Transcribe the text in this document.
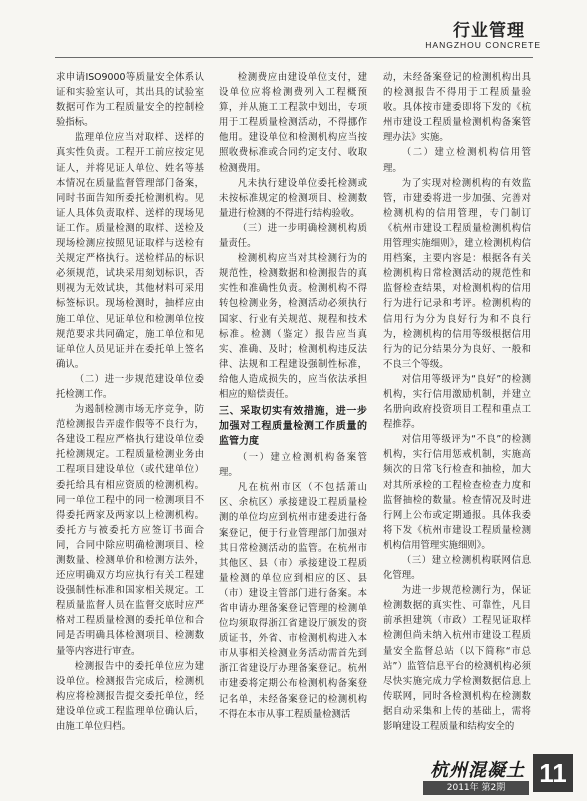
行业管理
HANGZHOU CONCRETE

求申请ISO9000等质量安全体系认证和实验室认可，其出具的试验室数据可作为工程质量安全的控制检验指标。

监理单位应当对取样、送样的真实性负责。工程开工前应按定见证人，并将见证人单位、姓名等基本情况在质量监督管理部门备案，同时书面告知所委托检测机构。见证人具体负责取样、送样的现场见证工作。质量检测的取样、送检及现场检测应按照见证取样与送检有关规定严格执行。送检样品的标识必须规范，试块采用刻划标识，否则视为无效试块，其他材料可采用标签标识。现场检测时，抽样应由施工单位、见证单位和检测单位按规范要求共同确定，施工单位和见证单位人员见证并在委托单上签名确认。

（二）进一步规范建设单位委托检测工作。

为遏制检测市场无序竞争，防范检测报告弄虚作假等不良行为，各建设工程应严格执行建设单位委托检测规定。工程质量检测业务由工程项目建设单位（或代建单位）委托给具有相应资质的检测机构。同一单位工程中的同一检测项目不得委托两家及两家以上检测机构。委托方与被委托方应签订书面合同，合同中除应明确检测项目、检测数量、检测单价和检测方法外，还应明确双方均应执行有关工程建设强制性标准和国家相关规定。工程质量监督人员在监督交底时应严格对工程质量检测的委托单位和合同是否明确具体检测项目、检测数量等内容进行审查。

检测报告中的委托单位应为建设单位。检测报告完成后，检测机构应将检测报告提交委托单位，经建设单位或工程监理单位确认后，由施工单位归档。

检测费应由建设单位支付，建设单位应将检测费列入工程概预算，并从施工工程款中划出，专项用于工程质量检测活动，不得挪作他用。建设单位和检测机构应当按照收费标准或合同约定支付、收取检测费用。

凡未执行建设单位委托检测或未按标准规定的检测项目、检测数量进行检测的不得进行结构验收。

（三）进一步明确检测机构质量责任。

检测机构应当对其检测行为的规范性，检测数据和检测报告的真实性和准确性负责。检测机构不得转包检测业务，检测活动必须执行国家、行业有关规范、规程和技术标准。检测（鉴定）报告应当真实、准确、及时；检测机构违反法律、法规和工程建设强制性标准，给他人造成损失的，应当依法承担相应的赔偿责任。

三、采取切实有效措施，进一步加强对工程质量检测工作质量的监管力度

（一）建立检测机构备案管理。

凡在杭州市区（不包括萧山区、余杭区）承接建设工程质量检测的单位均应到杭州市建委进行备案登记，便于行业管理部门加强对其日常检测活动的监管。在杭州市其他区、县（市）承接建设工程质量检测的单位应到相应的区、县（市）建设主管部门进行备案。本省申请办理备案登记管理的检测单位均须取得浙江省建设厅颁发的资质证书，外省、市检测机构进入本市从事相关检测业务活动需首先到浙江省建设厅办理备案登记。杭州市建委将定期公布检测机构备案登记名单，未经备案登记的检测机构不得在本市从事工程质量检测活

动，未经备案登记的检测机构出具的检测报告不得用于工程质量验收。具体按市建委即将下发的《杭州市建设工程质量检测机构备案管理办法》实施。

（二）建立检测机构信用管理。

为了实现对检测机构的有效监管，市建委将进一步加强、完善对检测机构的信用管理，专门制订《杭州市建设工程质量检测机构信用管理实施细则》，建立检测机构信用档案，主要内容是：根据各有关检测机构日常检测活动的规范性和监督检查结果，对检测机构的信用行为进行记录和考评。检测机构的信用行为分为良好行为和不良行为，检测机构的信用等级根据信用行为的记分结果分为良好、一般和不良三个等级。

对信用等级评为“良好”的检测机构，实行信用激励机制，并建立名册向政府投资项目工程和重点工程推荐。

对信用等级评为“不良”的检测机构，实行信用惩戒机制，实施高频次的日常飞行检查和抽检，加大对其所承检的工程检查检查力度和监督抽检的数量。检查情况及时进行网上公布或定期通报。具体我委将下发《杭州市建设工程质量检测机构信用管理实施细则》。

（三）建立检测机构联网信息化管理。

为进一步规范检测行为，保证检测数据的真实性、可靠性，凡目前承担建筑（市政）工程见证取样检测但尚未纳入杭州市建设工程质量安全监督总站（以下简称“市总站”）监管信息平台的检测机构必须尽快实施完成力学检测数据信息上传联网，同时各检测机构在检测数据自动采集和上传的基础上，需将影响建设工程质量和结构安全的

杭州混凝土
2011年 第2期	11
